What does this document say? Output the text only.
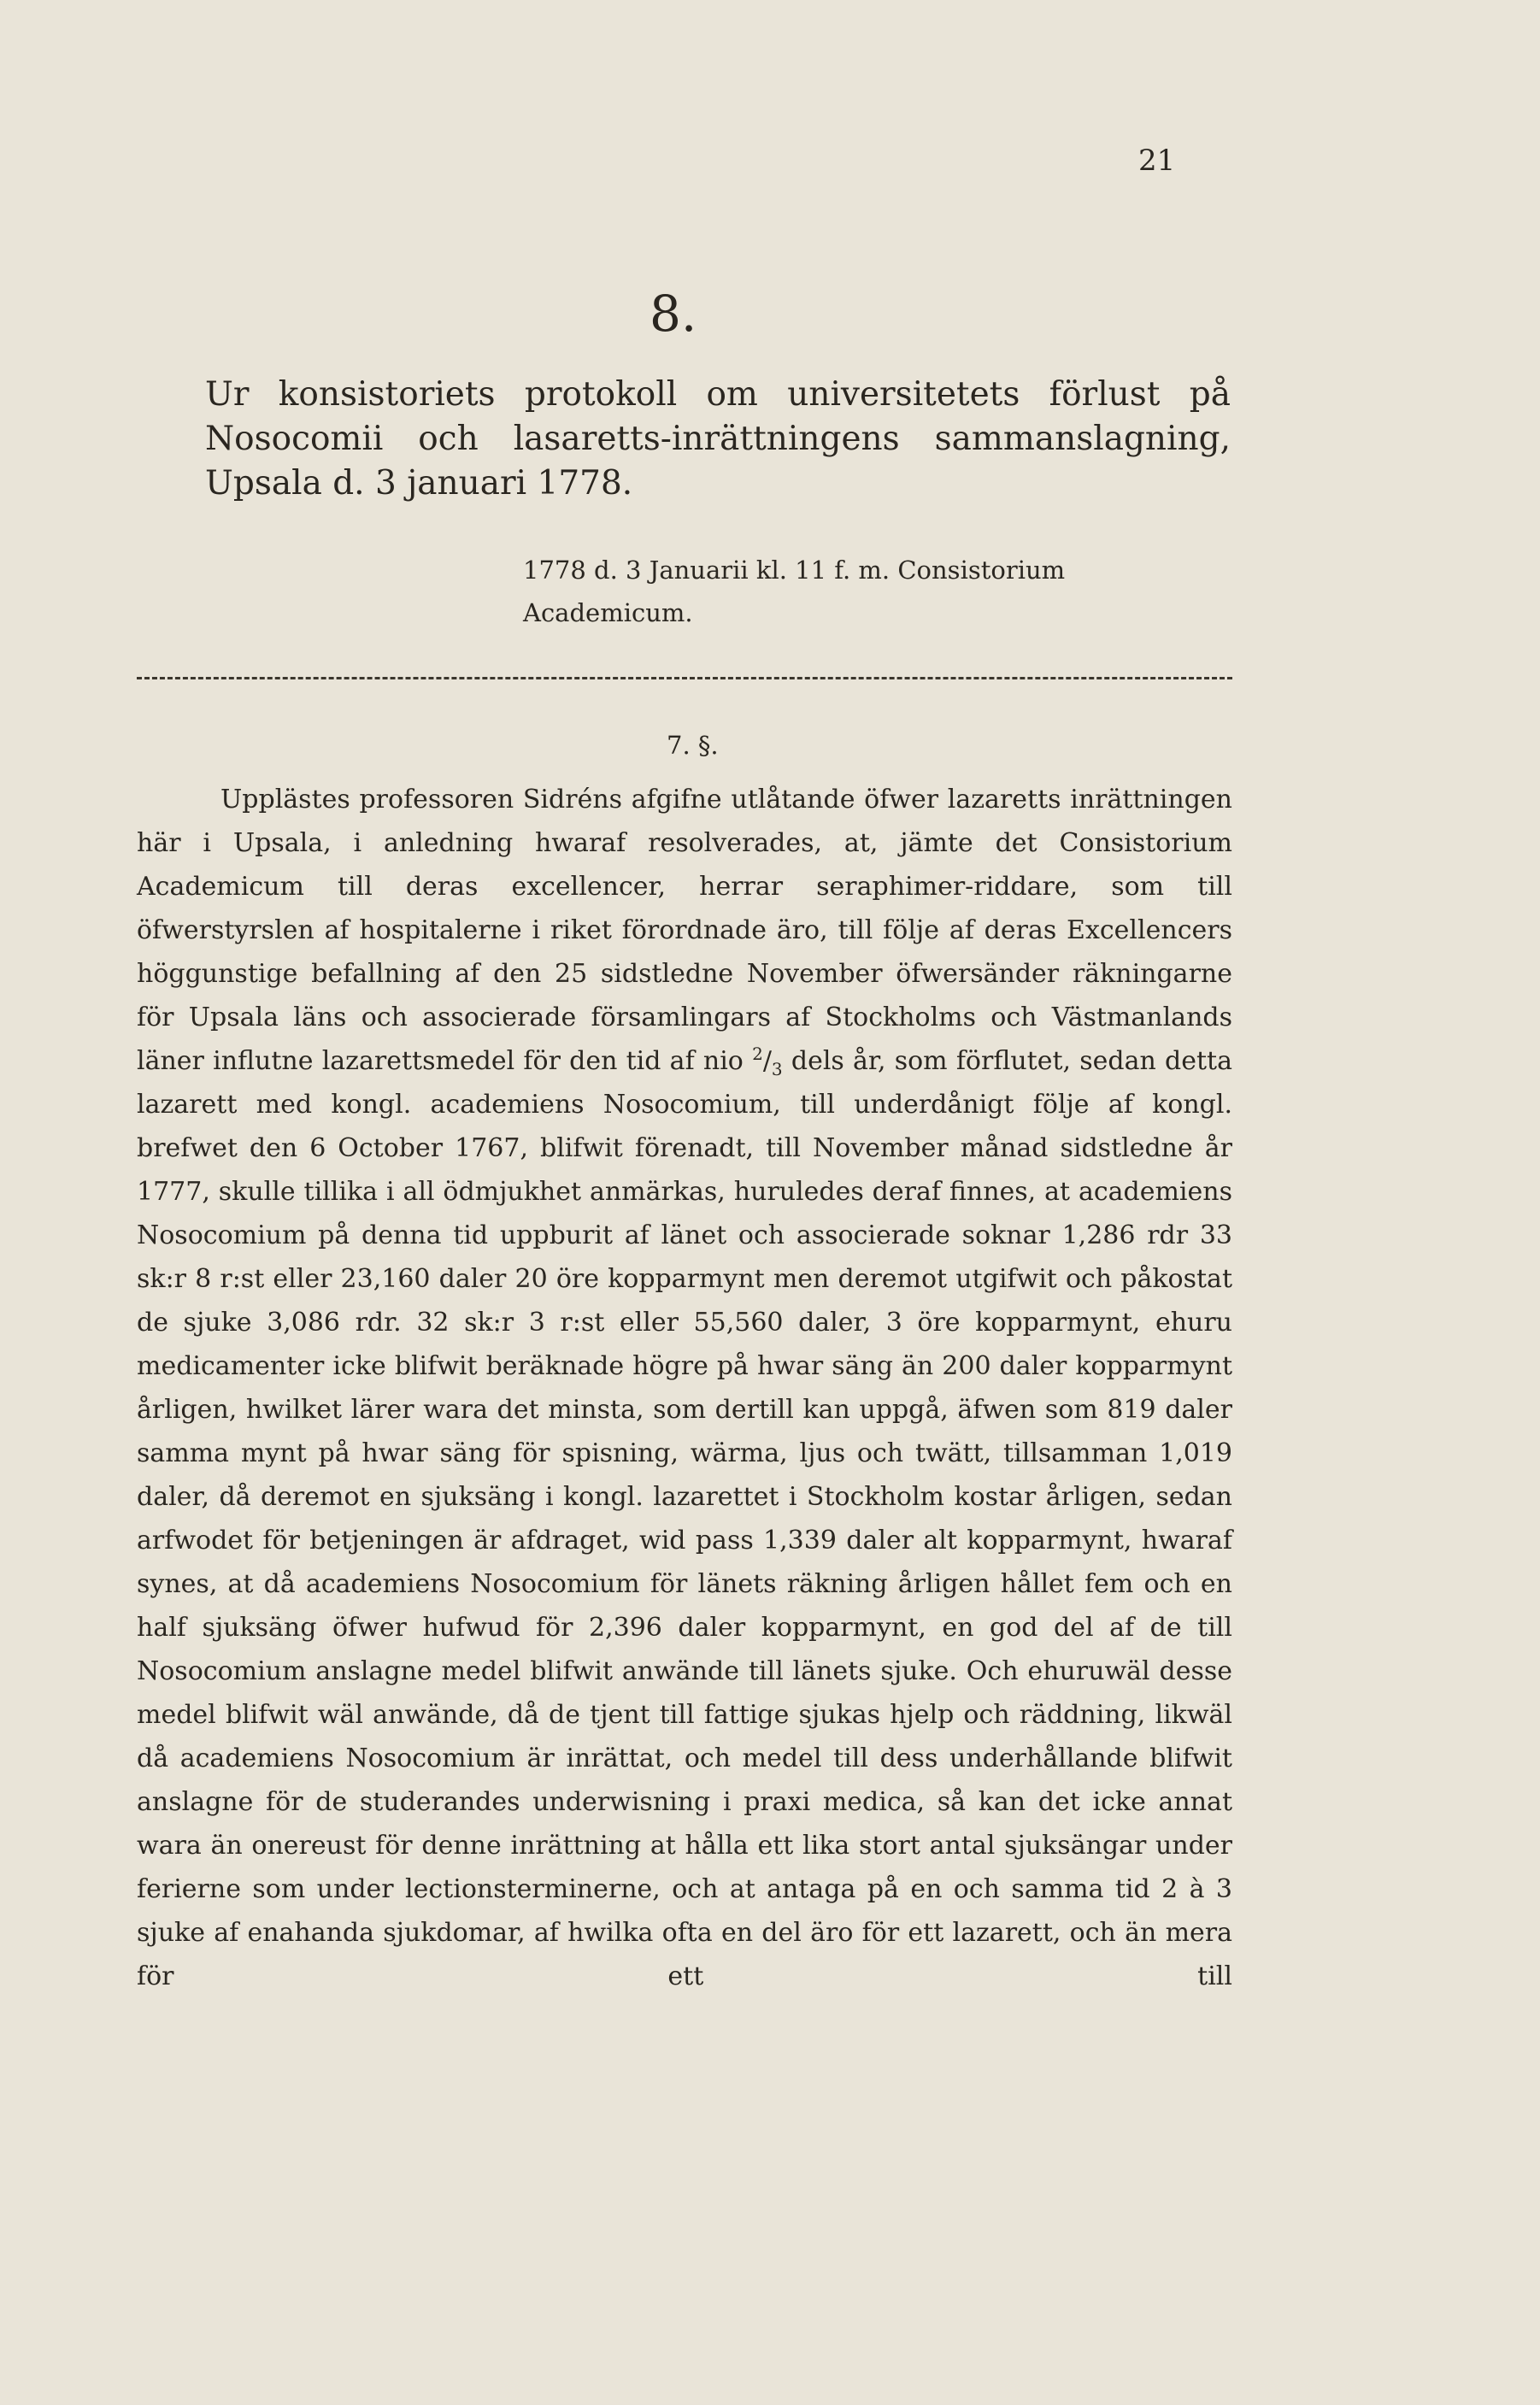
21
8.
Ur konsistoriets protokoll om universitetets förlust på Nosocomii och lasaretts-inrättningens sammanslagning, Upsala d. 3 januari 1778.
1778 d. 3 Januarii kl. 11 f. m. Consistorium Academicum.
7. §.

Upplästes professoren Sidréns afgifne utlåtande öfwer lazaretts inrättningen här i Upsala, i anledning hwaraf resolverades, at, jämte det Consistorium Academicum till deras excellencer, herrar seraphimer-riddare, som till öfwerstyrslen af hospitalerne i riket förordnade äro, till följe af deras Excellencers höggunstige befallning af den 25 sidstledne November öfwersänder räkningarne för Upsala läns och associerade församlingars af Stockholms och Västmanlands läner influtne lazarettsmedel för den tid af nio $^2/_3$ dels år, som förflutet, sedan detta lazarett med kongl. academiens Nosocomium, till underdånigt följe af kongl. brefwet den 6 October 1767, blifwit förenadt, till November månad sidstledne år 1777, skulle tillika i all ödmjukhet anmärkas, huruledes deraf finnes, at academiens Nosocomium på denna tid uppburit af länet och associerade soknar 1,286 rdr 33 sk:r 8 r:st eller 23,160 daler 20 öre kopparmynt men deremot utgifwit och påkostat de sjuke 3,086 rdr. 32 sk:r 3 r:st eller 55,560 daler, 3 öre kopparmynt, ehuru medicamenter icke blifwit beräknade högre på hwar säng än 200 daler kopparmynt årligen, hwilket lärer wara det minsta, som dertill kan uppgå, äfwen som 819 daler samma mynt på hwar säng för spisning, wärma, ljus och twätt, tillsamman 1,019 daler, då deremot en sjuksäng i kongl. lazarettet i Stockholm kostar årligen, sedan arfwodet för betjeningen är afdraget, wid pass 1,339 daler alt kopparmynt, hwaraf synes, at då academiens Nosocomium för länets räkning årligen hållet fem och en half sjuksäng öfwer hufwud för 2,396 daler kopparmynt, en god del af de till Nosocomium anslagne medel blifwit anwände till länets sjuke. Och ehuruwäl desse medel blifwit wäl anwände, då de tjent till fattige sjukas hjelp och räddning, likwäl då academiens Nosocomium är inrättat, och medel till dess underhållande blifwit anslagne för de studerandes underwisning i praxi medica, så kan det icke annat wara än onereust för denne inrättning at hålla ett lika stort antal sjuksängar under ferierne som under lectionsterminerne, och at antaga på en och samma tid 2 à 3 sjuke af enahanda sjukdomar, af hwilka ofta en del äro för ett lazarett, och än mera för ett till
